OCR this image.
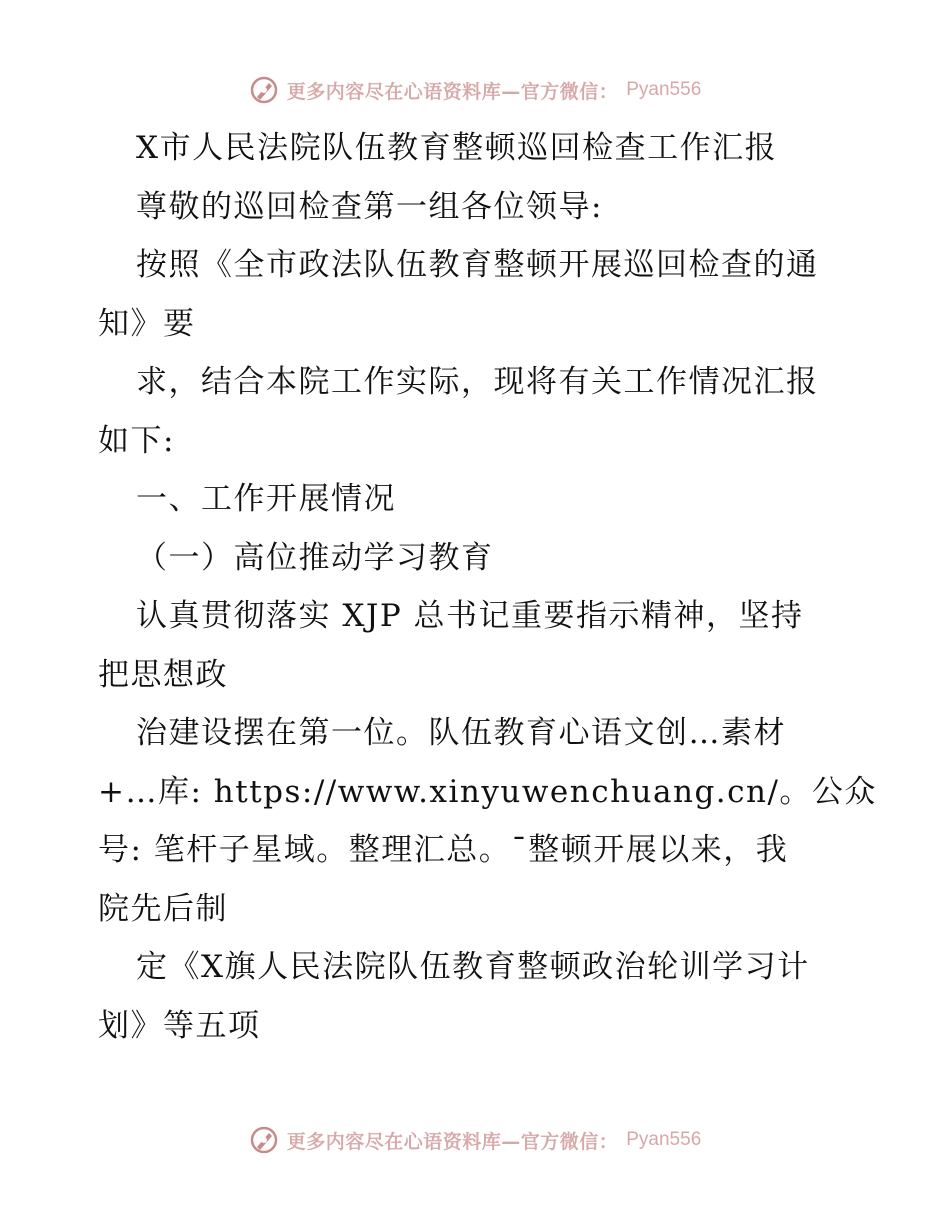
更多内容尽在心语资料库—官方微信： Pyan556
X市人民法院队伍教育整顿巡回检查工作汇报
尊敬的巡回检查第一组各位领导:
按照《全市政法队伍教育整顿开展巡回检查的通
知》要
求，结合本院工作实际，现将有关工作情况汇报
如下:
一、工作开展情况
（一）高位推动学习教育
认真贯彻落实 XJP 总书记重要指示精神，坚持
把思想政
治建设摆在第一位。队伍教育心语文创…素材
+…库: https://www.xinyuwenchuang.cn/。公众
号: 笔杆子星域。整理汇总。¯整顿开展以来，我
院先后制
定《X旗人民法院队伍教育整顿政治轮训学习计
划》等五项
更多内容尽在心语资料库—官方微信： Pyan556
